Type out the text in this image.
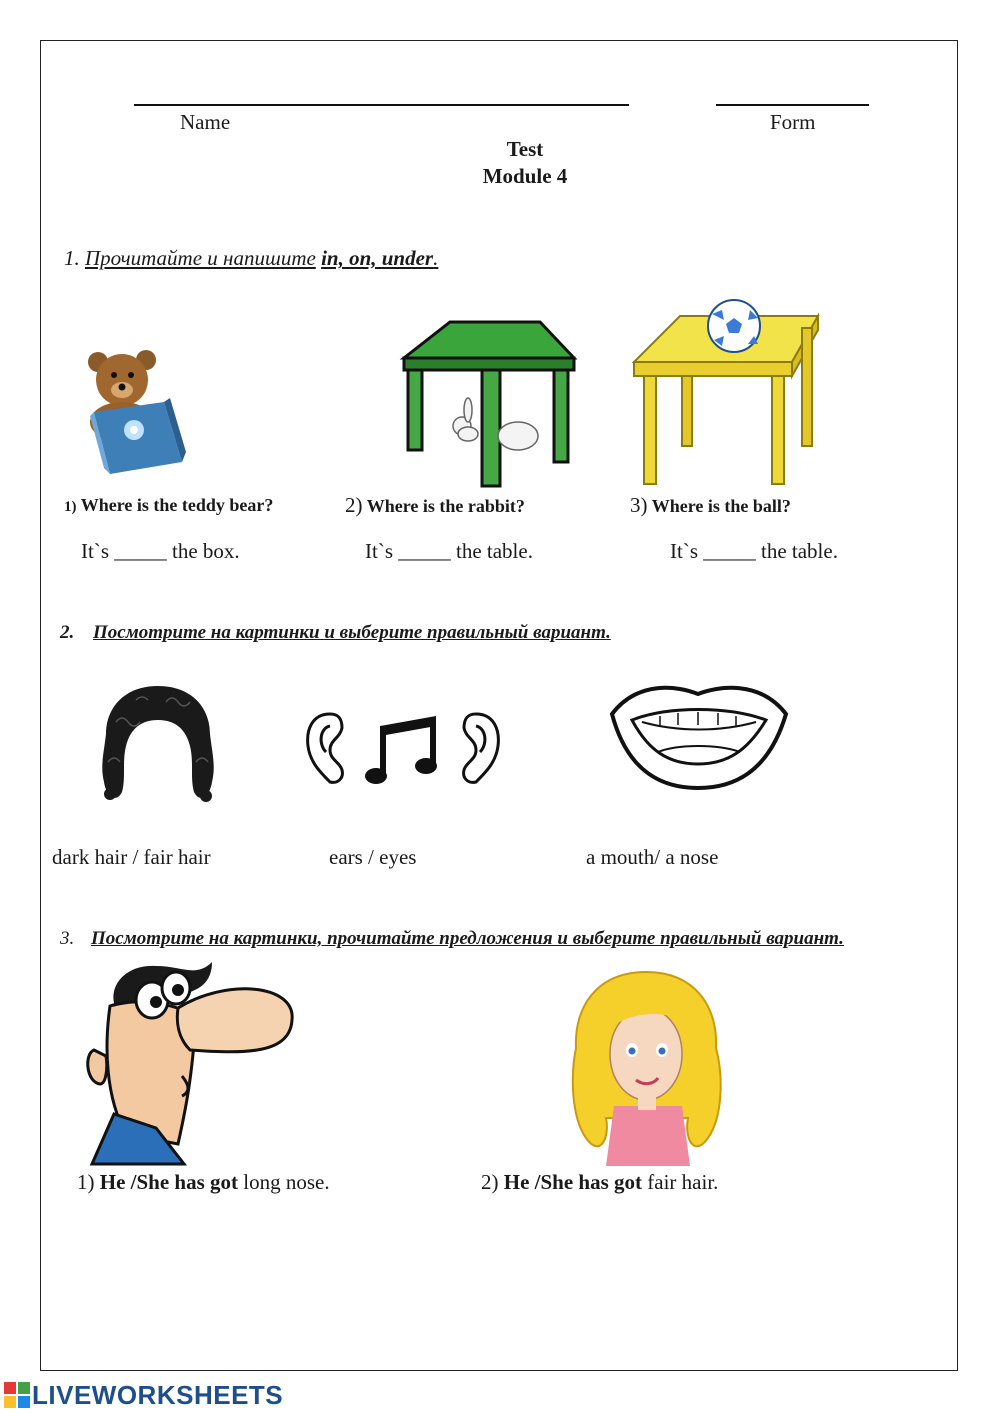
Name	Form
Test
Module 4
1. Прочитайте и напишите in, on, under.
1) Where is the teddy bear?	2) Where is the rabbit?	3) Where is the ball?
It`s _____ the box.	It`s _____ the table.	It`s _____ the table.
2. Посмотрите на картинки и выберите правильный вариант.
dark hair / fair hair	ears / eyes	a mouth/ a nose
3. Посмотрите на картинки, прочитайте предложения и выберите правильный вариант.
1) He /She has got long nose.	2) He /She has got fair hair.
LIVEWORKSHEETS
